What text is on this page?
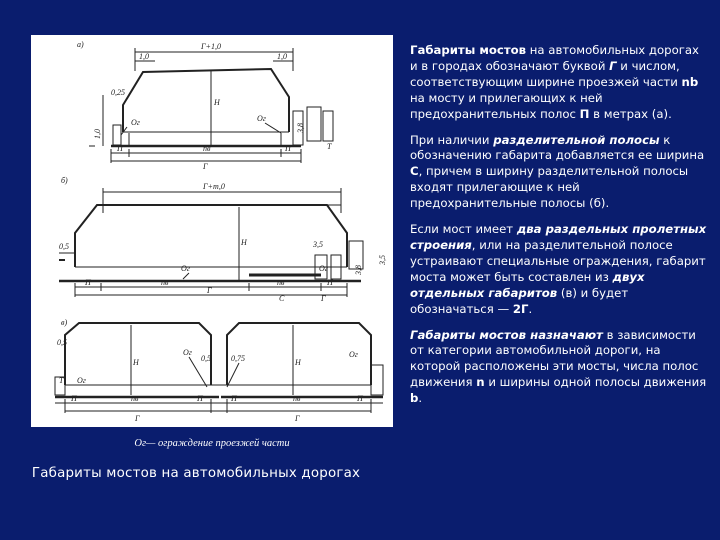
а)	Г+1,0
1,0	1,0
H
0,25
1,0
Ог	Ог
3,8
T
П	nв	П
Г
б)
Г+т,0
H
0,5
Ог
3,5
Ог	3,8
3,5
П	nв	nв	П
Г
С	Г
в)
H	H
0,5
T Ог
Ог
0,5	0,75	Ог
П	nв	П	П	nв	П
Г	Г
Ог— ограждение проезжей части
Габариты мостов на автомобильных дорогах

Габариты мостов на автомобильных дорогах и в городах обозначают буквой Г и числом, соответствующим ширине проезжей части nb на мосту и прилегающих к ней предохранительных полос П в метрах (а).

При наличии разделительной полосы к обозначению габарита добавляется ее ширина С, причем в ширину разделительной полосы входят прилегающие к ней предохранительные полосы (б).

Если мост имеет два раздельных пролетных строения, или на разделительной полосе устраивают специальные ограждения, габарит моста может быть составлен из двух отдельных габаритов (в) и будет обозначаться — 2Г.

Габариты мостов назначают в зависимости от категории автомобильной дороги, на которой расположены эти мосты, числа полос движения n и ширины одной полосы движения b.
